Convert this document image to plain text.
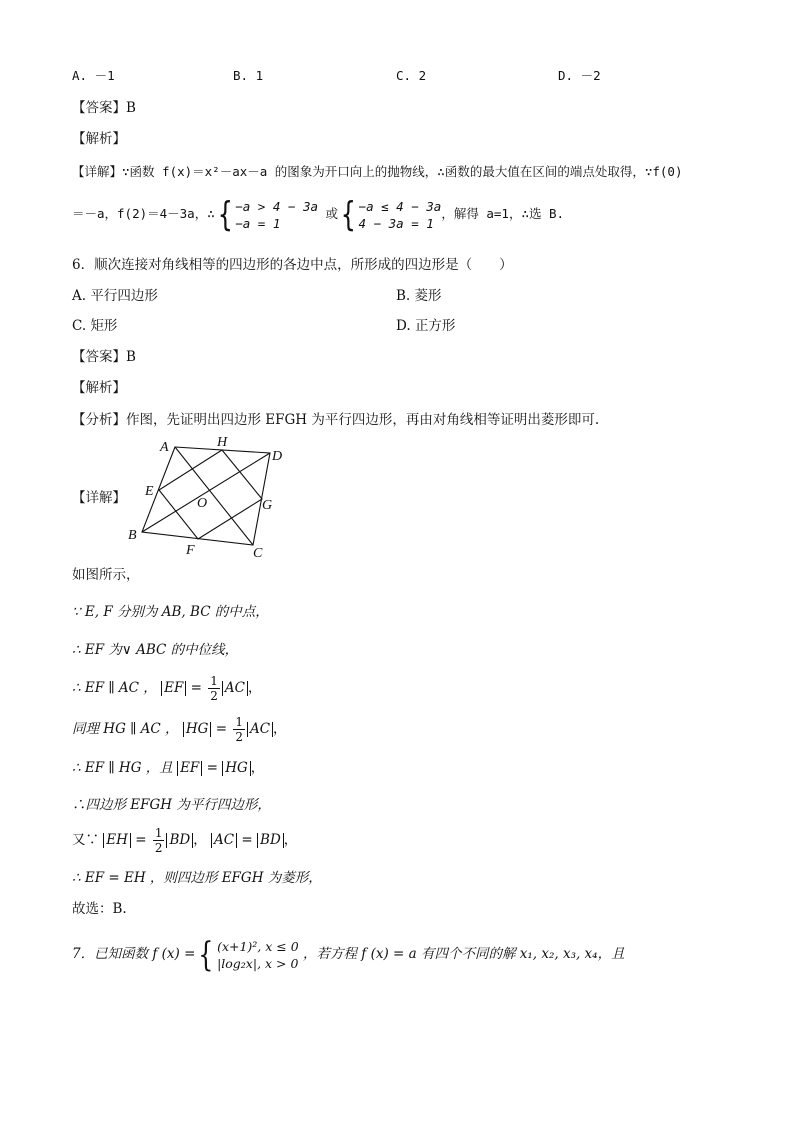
A. －1	B. 1	C. 2	D. －2
【答案】B
【解析】
【详解】∵函数 f(x)＝x²－ax－a 的图象为开口向上的抛物线，∴函数的最大值在区间的端点处取得，∵f(0)
＝－a，f(2)＝4－3a，∴{ −a > 4 − 3a
−a = 1
或{ −a ≤ 4 − 3a
4 − 3a = 1
，解得 a=1，∴选 B.
6．顺次连接对角线相等的四边形的各边中点，所形成的四边形是（　　）
A. 平行四边形	B. 菱形
C. 矩形	D. 正方形
【答案】B
【解析】
【分析】作图，先证明出四边形 EFGH 为平行四边形，再由对角线相等证明出菱形即可.
【详解】
A	H
D
E
O	G
B
F	C
如图所示，
∵ E, F 分别为 AB, BC 的中点，
∴ EF 为∨ ABC 的中位线，
∴ EF ∥ AC ， EF = $\frac{1}{2}$ AC ，
同理 HG ∥ AC ， HG = $\frac{1}{2}$ AC ，
∴ EF ∥ HG ，且 EF = HG ，
∴四边形 EFGH 为平行四边形，
又∵ EH = $\frac{1}{2}$ BD ， AC = BD ，
∴ EF = EH ，则四边形 EFGH 为菱形，
故选：B.
7．已知函数 f (x) ={ (x+1)², x ≤ 0
|log₂x|, x > 0
，若方程 f (x) = a 有四个不同的解 x₁, x₂, x₃, x₄，且
